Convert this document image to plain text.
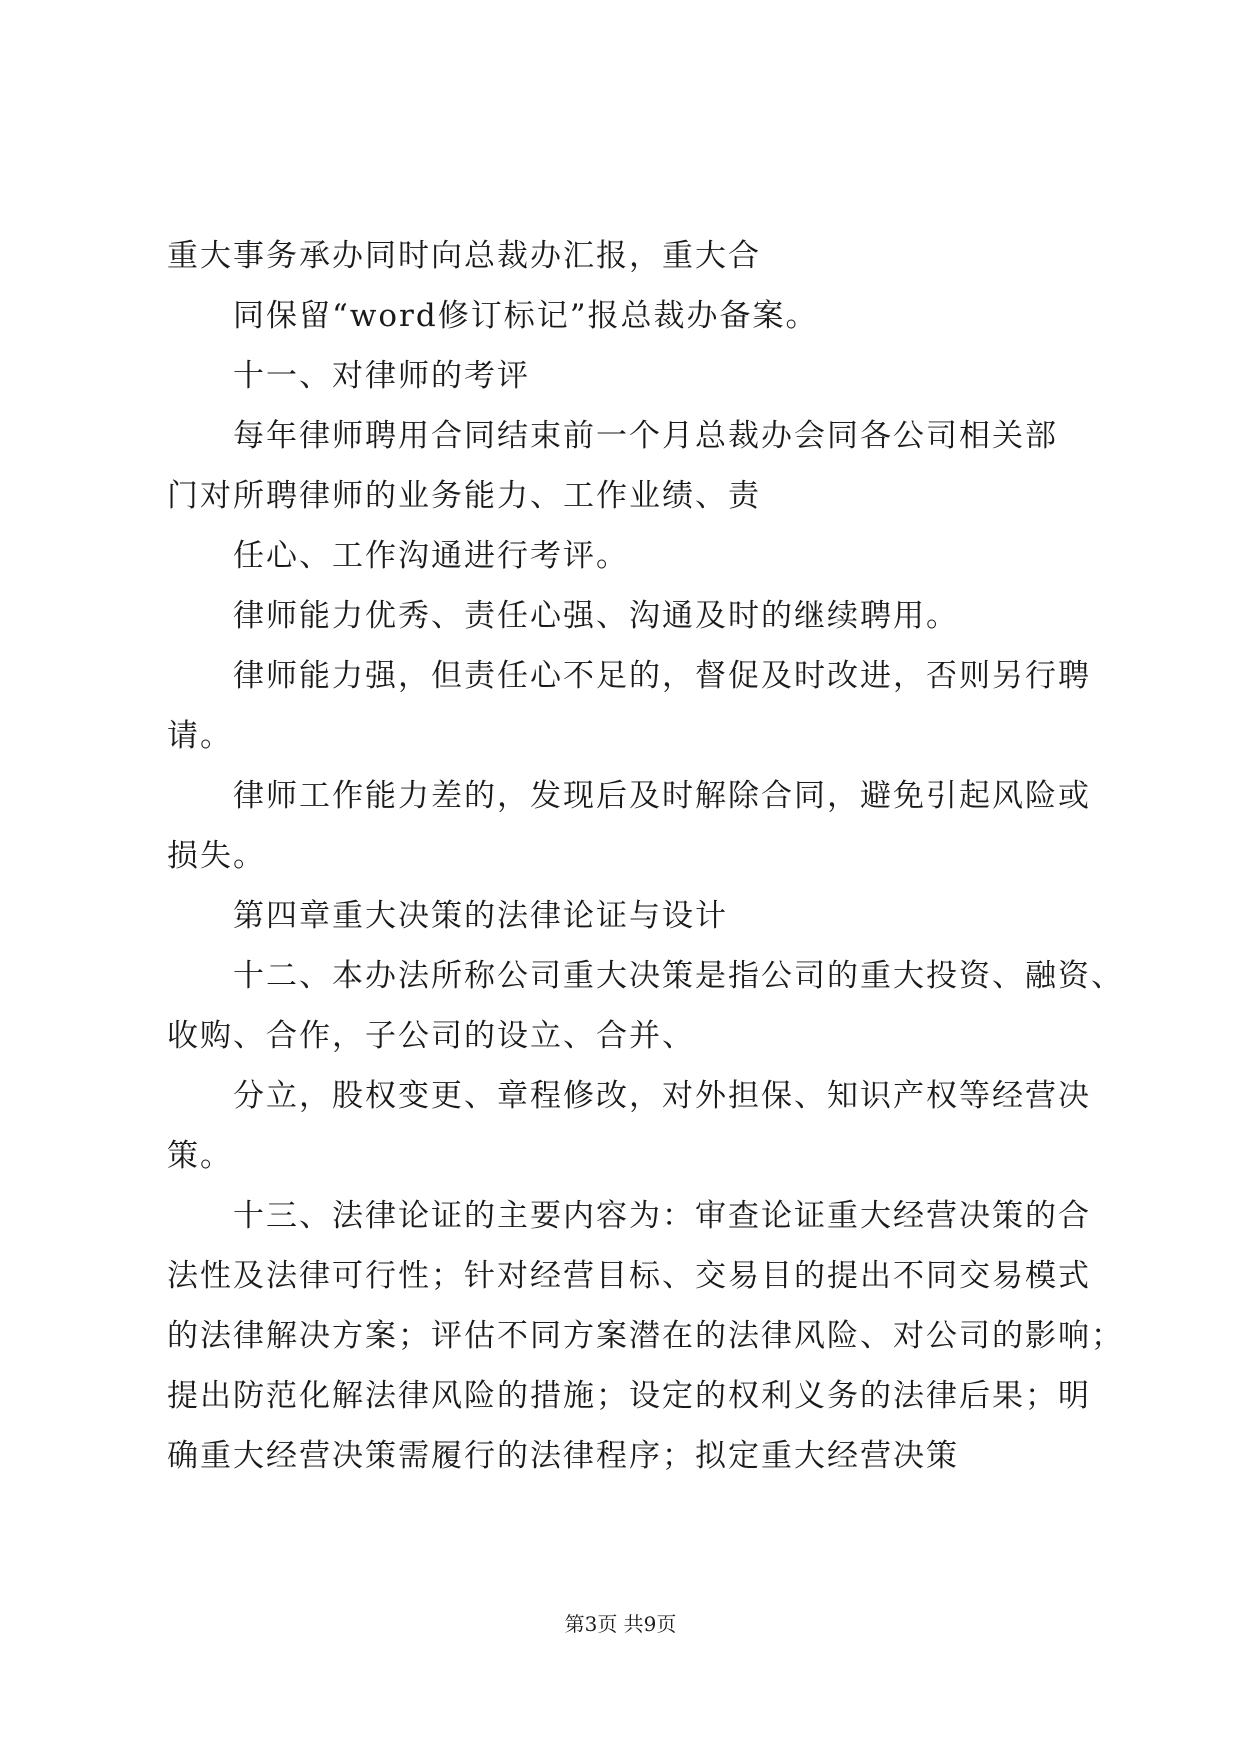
重大事务承办同时向总裁办汇报，重大合
同保留“word修订标记”报总裁办备案。
十一、对律师的考评
每年律师聘用合同结束前一个月总裁办会同各公司相关部
门对所聘律师的业务能力、工作业绩、责
任心、工作沟通进行考评。
律师能力优秀、责任心强、沟通及时的继续聘用。
律师能力强，但责任心不足的，督促及时改进，否则另行聘
请。
律师工作能力差的，发现后及时解除合同，避免引起风险或
损失。
第四章重大决策的法律论证与设计
十二、本办法所称公司重大决策是指公司的重大投资、融资、
收购、合作，子公司的设立、合并、
分立，股权变更、章程修改，对外担保、知识产权等经营决
策。
十三、法律论证的主要内容为：审查论证重大经营决策的合
法性及法律可行性；针对经营目标、交易目的提出不同交易模式
的法律解决方案；评估不同方案潜在的法律风险、对公司的影响；
提出防范化解法律风险的措施；设定的权利义务的法律后果；明
确重大经营决策需履行的法律程序；拟定重大经营决策
第3页 共9页
